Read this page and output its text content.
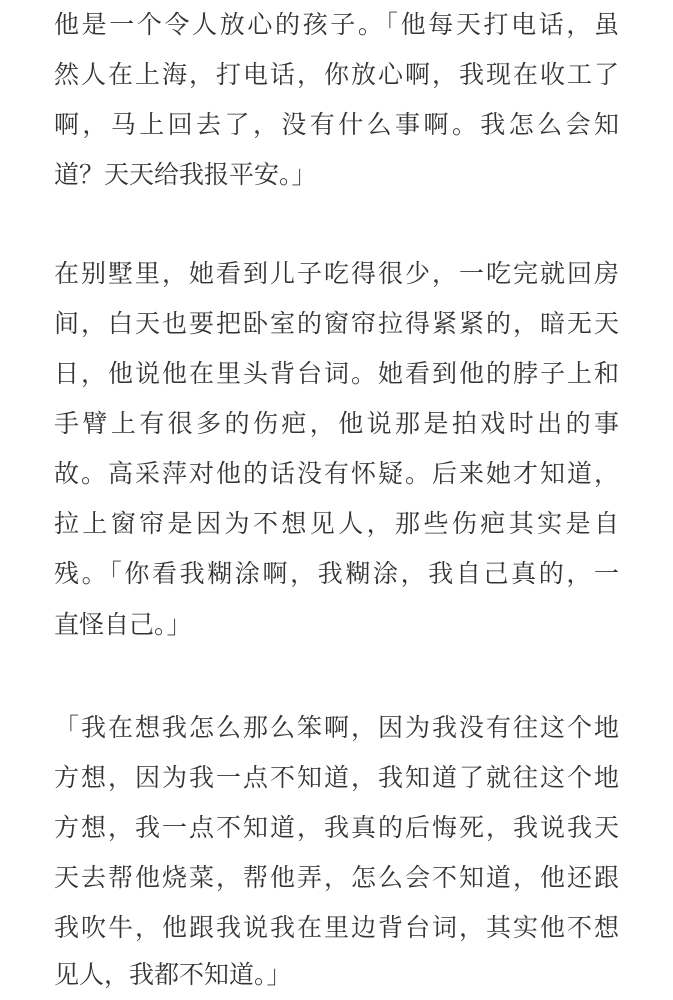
他是一个令人放心的孩子。「他每天打电话，虽
然人在上海，打电话，你放心啊，我现在收工了
啊，马上回去了，没有什么事啊。我怎么会知
道？天天给我报平安。」
在别墅里，她看到儿子吃得很少，一吃完就回房
间，白天也要把卧室的窗帘拉得紧紧的，暗无天
日，他说他在里头背台词。她看到他的脖子上和
手臂上有很多的伤疤，他说那是拍戏时出的事
故。高采萍对他的话没有怀疑。后来她才知道，
拉上窗帘是因为不想见人，那些伤疤其实是自
残。「你看我糊涂啊，我糊涂，我自己真的，一
直怪自己。」
「我在想我怎么那么笨啊，因为我没有往这个地
方想，因为我一点不知道，我知道了就往这个地
方想，我一点不知道，我真的后悔死，我说我天
天去帮他烧菜，帮他弄，怎么会不知道，他还跟
我吹牛，他跟我说我在里边背台词，其实他不想
见人，我都不知道。」
